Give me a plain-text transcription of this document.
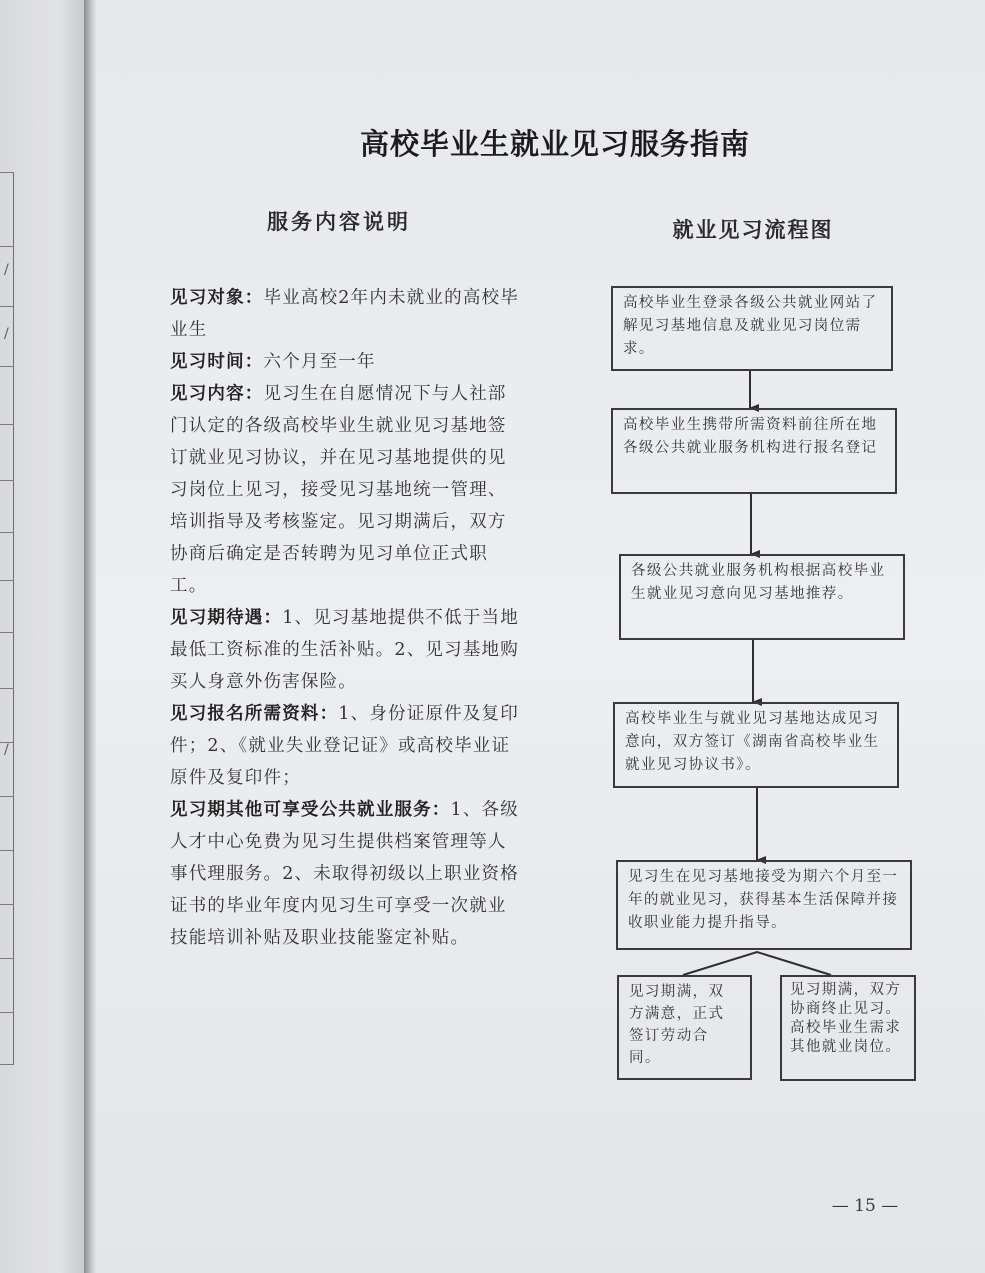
/
/
/
高校毕业生就业见习服务指南
服务内容说明	就业见习流程图

见习对象：毕业高校2年内未就业的高校毕业生

见习时间：六个月至一年

见习内容：见习生在自愿情况下与人社部门认定的各级高校毕业生就业见习基地签订就业见习协议，并在见习基地提供的见习岗位上见习，接受见习基地统一管理、培训指导及考核鉴定。见习期满后，双方协商后确定是否转聘为见习单位正式职工。

见习期待遇：1、见习基地提供不低于当地最低工资标准的生活补贴。2、见习基地购买人身意外伤害保险。

见习报名所需资料：1、身份证原件及复印件；2、《就业失业登记证》或高校毕业证原件及复印件；

见习期其他可享受公共就业服务：1、各级人才中心免费为见习生提供档案管理等人事代理服务。2、未取得初级以上职业资格证书的毕业年度内见习生可享受一次就业技能培训补贴及职业技能鉴定补贴。

高校毕业生登录各级公共就业网站了解见习基地信息及就业见习岗位需求。
高校毕业生携带所需资料前往所在地各级公共就业服务机构进行报名登记
各级公共就业服务机构根据高校毕业生就业见习意向见习基地推荐。
高校毕业生与就业见习基地达成见习意向，双方签订《湖南省高校毕业生就业见习协议书》。
见习生在见习基地接受为期六个月至一年的就业见习，获得基本生活保障并接收职业能力提升指导。
见习期满，双方满意，正式签订劳动合同。
见习期满，双方协商终止见习。高校毕业生需求其他就业岗位。
— 15 —
